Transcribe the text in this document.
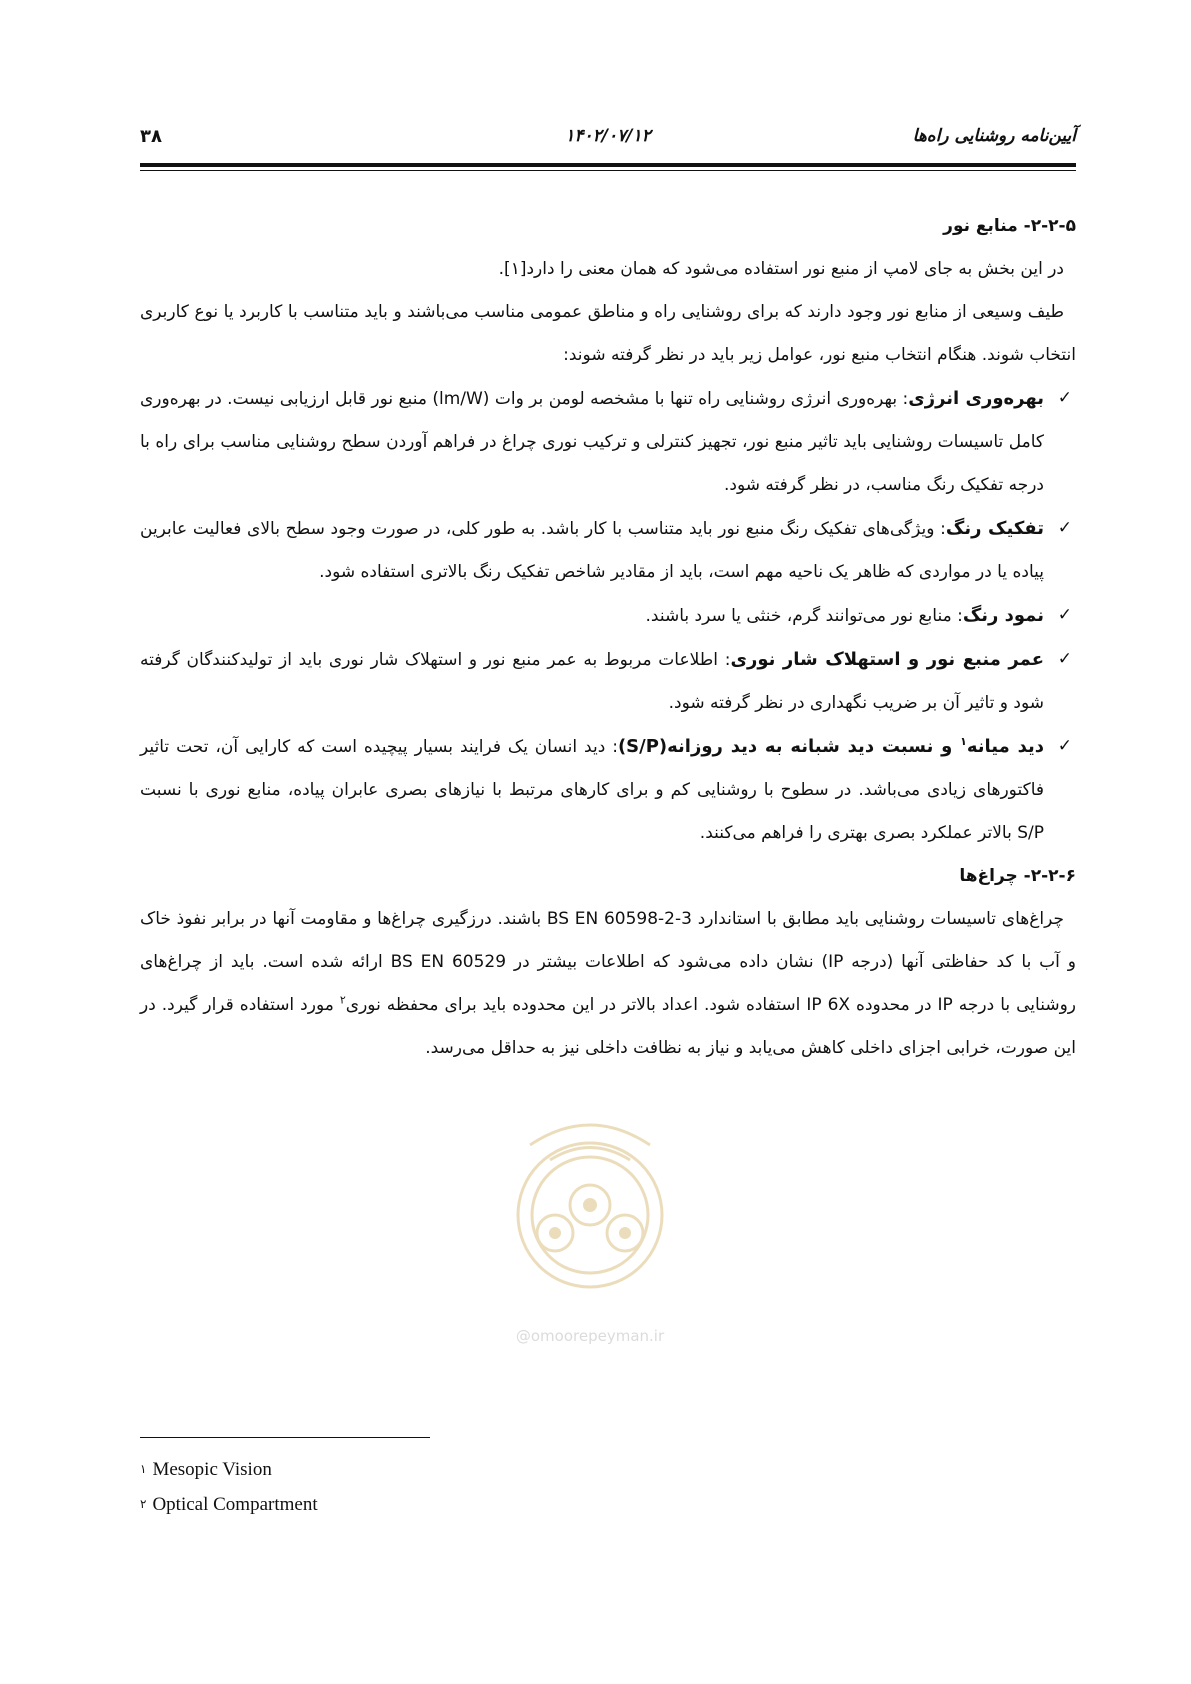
۳۸	۱۴۰۲/۰۷/۱۲	آیین‌نامه روشنایی راه‌ها

۲-۲-۵- منابع نور

در این بخش به جای لامپ از منبع نور استفاده می‌شود که همان معنی را دارد[۱].

طیف وسیعی از منابع نور وجود دارند که برای روشنایی راه و مناطق عمومی مناسب می‌باشند و باید متناسب با کاربرد یا نوع کاربری انتخاب شوند. هنگام انتخاب منبع نور، عوامل زیر باید در نظر گرفته شوند:

✓
بهره‌وری انرژی: بهره‌وری انرژی روشنایی راه تنها با مشخصه لومن بر وات (lm/W) منبع نور قابل ارزیابی نیست. در بهره‌وری کامل تاسیسات روشنایی باید تاثیر منبع نور، تجهیز کنترلی و ترکیب نوری چراغ در فراهم آوردن سطح روشنایی مناسب برای راه با درجه تفکیک رنگ مناسب، در نظر گرفته شود.
✓
تفکیک رنگ: ویژگی‌های تفکیک رنگ منبع نور باید متناسب با کار باشد. به طور کلی، در صورت وجود سطح بالای فعالیت عابرین پیاده یا در مواردی که ظاهر یک ناحیه مهم است، باید از مقادیر شاخص تفکیک رنگ بالاتری استفاده شود.
✓
نمود رنگ: منابع نور می‌توانند گرم، خنثی یا سرد باشند.
✓
عمر منبع نور و استهلاک شار نوری: اطلاعات مربوط به عمر منبع نور و استهلاک شار نوری باید از تولیدکنندگان گرفته شود و تاثیر آن بر ضریب نگهداری در نظر گرفته شود.
✓
دید میانه$^۱$ و نسبت دید شبانه به دید روزانه(S/P): دید انسان یک فرایند بسیار پیچیده است که کارایی آن، تحت تاثیر فاکتورهای زیادی می‌باشد. در سطوح با روشنایی کم و برای کارهای مرتبط با نیازهای بصری عابران پیاده، منابع نوری با نسبت S/P بالاتر عملکرد بصری بهتری را فراهم می‌کنند.

۲-۲-۶- چراغ‌ها

چراغ‌های تاسیسات روشنایی باید مطابق با استاندارد BS EN 60598-2-3 باشند. درزگیری چراغ‌ها و مقاومت آنها در برابر نفوذ خاک و آب با کد حفاظتی آنها (درجه IP) نشان داده می‌شود که اطلاعات بیشتر در BS EN 60529 ارائه شده است. باید از چراغ‌های روشنایی با درجه IP در محدوده IP 6X استفاده شود. اعداد بالاتر در این محدوده باید برای محفظه نوری$^۲$ مورد استفاده قرار گیرد. در این صورت، خرابی اجزای داخلی کاهش می‌یابد و نیاز به نظافت داخلی نیز به حداقل می‌رسد.

@omoorepeyman.ir
$^۱$ Mesopic Vision
$^۲$ Optical Compartment
